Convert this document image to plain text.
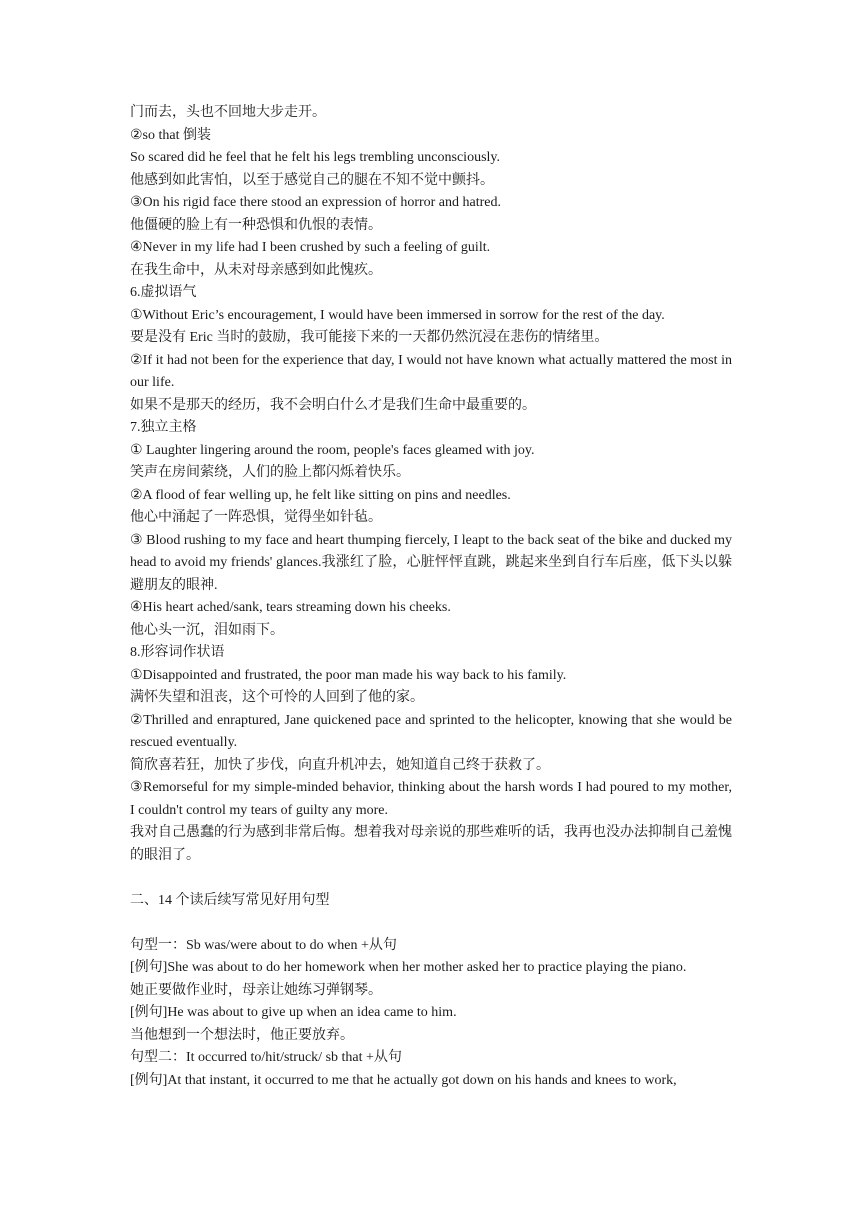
门而去，头也不回地大步走开。

②so that 倒装

So scared did he feel that he felt his legs trembling unconsciously.

他感到如此害怕，以至于感觉自己的腿在不知不觉中颤抖。

③On his rigid face there stood an expression of horror and hatred.

他僵硬的脸上有一种恐惧和仇恨的表情。

④Never in my life had I been crushed by such a feeling of guilt.

在我生命中，从未对母亲感到如此愧疚。

6.虚拟语气

①Without Eric’s encouragement, I would have been immersed in sorrow for the rest of the day.

要是没有 Eric 当时的鼓励，我可能接下来的一天都仍然沉浸在悲伤的情绪里。

②If it had not been for the experience that day, I would not have known what actually mattered the most in our life.

如果不是那天的经历，我不会明白什么才是我们生命中最重要的。

7.独立主格

① Laughter lingering around the room, people's faces gleamed with joy.

笑声在房间萦绕，人们的脸上都闪烁着快乐。

②A flood of fear welling up, he felt like sitting on pins and needles.

他心中涌起了一阵恐惧，觉得坐如针毡。

③ Blood rushing to my face and heart thumping fiercely, I leapt to the back seat of the bike and ducked my head to avoid my friends' glances.我涨红了脸，心脏怦怦直跳，跳起来坐到自行车后座，低下头以躲避朋友的眼神.

④His heart ached/sank, tears streaming down his cheeks.

他心头一沉，泪如雨下。

8.形容词作状语

①Disappointed and frustrated, the poor man made his way back to his family.

满怀失望和沮丧，这个可怜的人回到了他的家。

②Thrilled and enraptured, Jane quickened pace and sprinted to the helicopter, knowing that she would be rescued eventually.

简欣喜若狂，加快了步伐，向直升机冲去，她知道自己终于获救了。

③Remorseful for my simple-minded behavior, thinking about the harsh words I had poured to my mother, I couldn't control my tears of guilty any more.

我对自己愚蠢的行为感到非常后悔。想着我对母亲说的那些难听的话，我再也没办法抑制自己羞愧的眼泪了。

二、14 个读后续写常见好用句型

句型一：Sb was/were about to do when +从句

[例句]She was about to do her homework when her mother asked her to practice playing the piano.

她正要做作业时，母亲让她练习弹钢琴。

[例句]He was about to give up when an idea came to him.

当他想到一个想法时，他正要放弃。

句型二：It occurred to/hit/struck/ sb that +从句

[例句]At that instant, it occurred to me that he actually got down on his hands and knees to work,
